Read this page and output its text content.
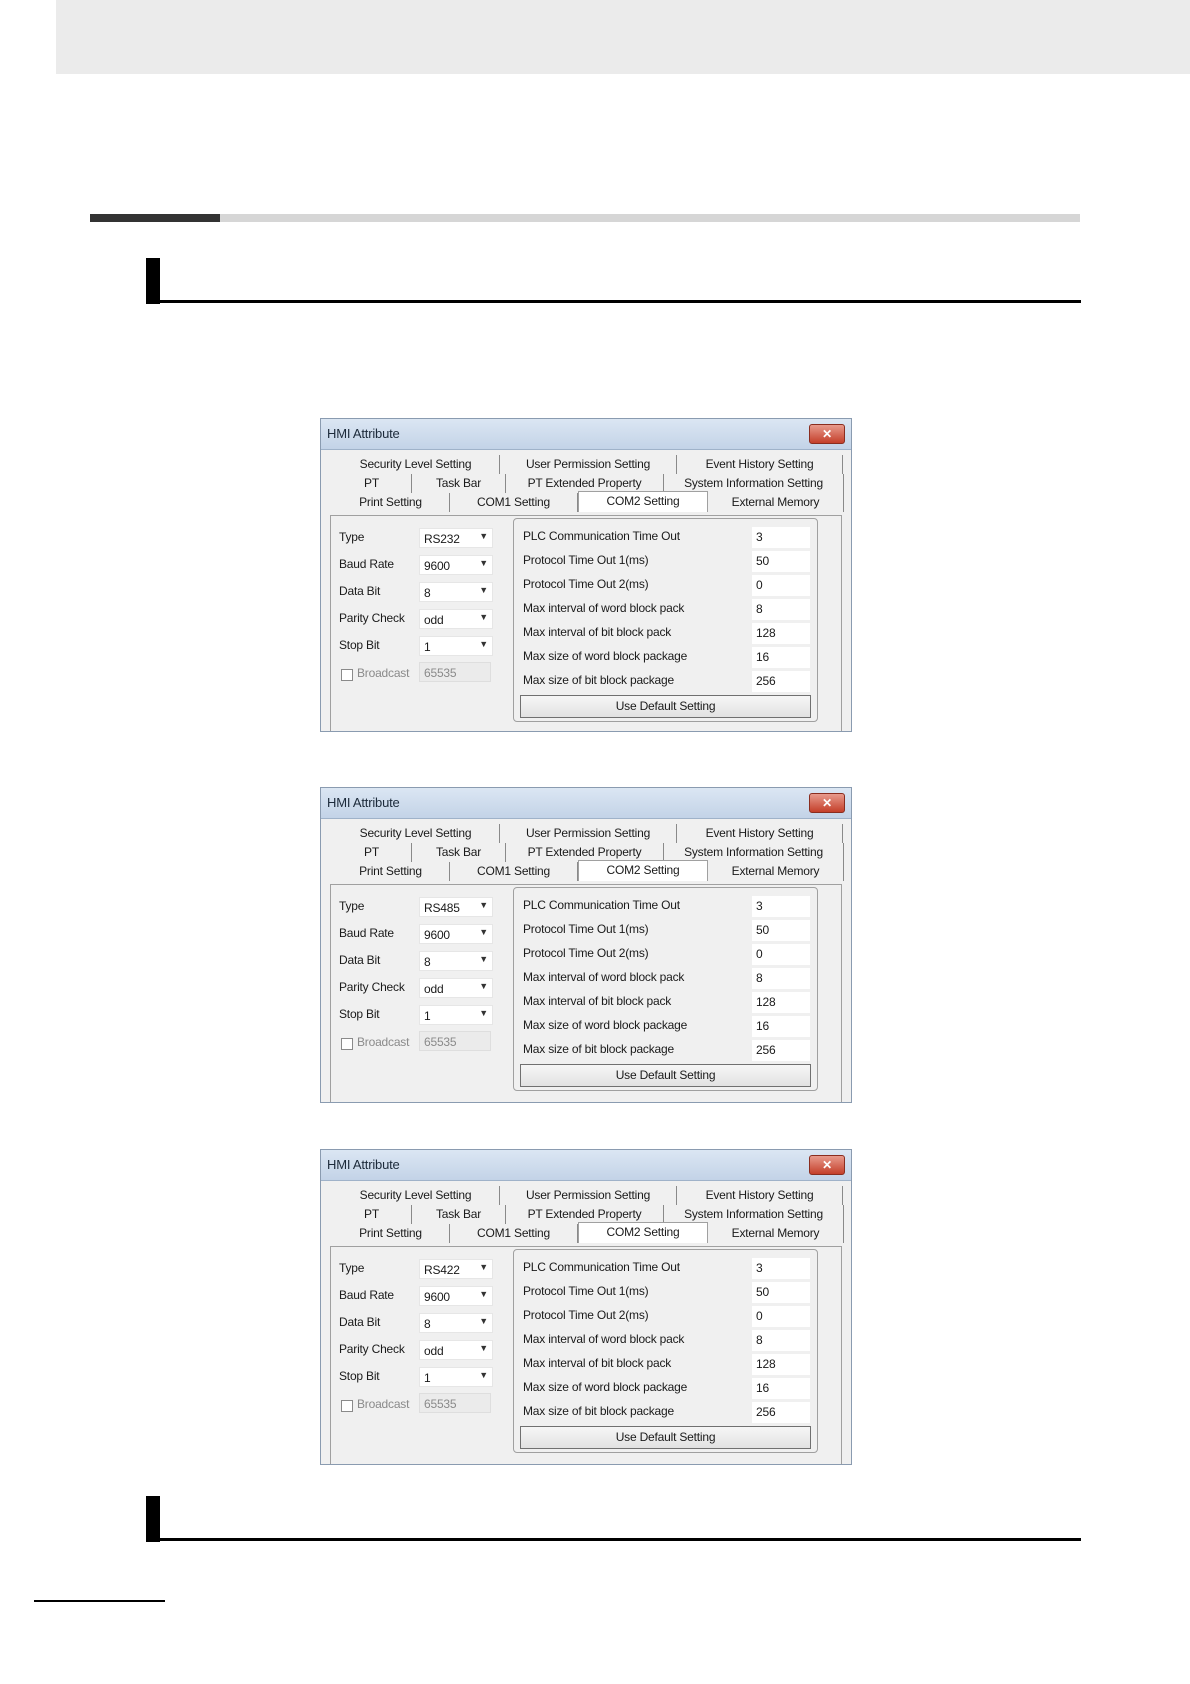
HMI Attribute	✕
Security Level Setting	User Permission Setting	Event History Setting
PT	Task Bar	PT Extended Property	System Information Setting
Print Setting	COM1 Setting	COM2 Setting	External Memory
Type	RS232 ▼
Baud Rate	9600	▼
Data Bit	8	▼
Parity Check odd	▼
Stop Bit	1	▼
Broadcast 65535
PLC Communication Time Out	3
Protocol Time Out 1(ms)	50
Protocol Time Out 2(ms)	0
Max interval of word block pack	8
Max interval of bit block pack	128
Max size of word block package	16
Max size of bit block package	256
Use Default Setting
HMI Attribute	✕
Security Level Setting	User Permission Setting	Event History Setting
PT	Task Bar	PT Extended Property	System Information Setting
Print Setting	COM1 Setting	COM2 Setting	External Memory
Type	RS485 ▼
Baud Rate	9600	▼
Data Bit	8	▼
Parity Check odd	▼
Stop Bit	1	▼
Broadcast 65535
PLC Communication Time Out	3
Protocol Time Out 1(ms)	50
Protocol Time Out 2(ms)	0
Max interval of word block pack	8
Max interval of bit block pack	128
Max size of word block package	16
Max size of bit block package	256
Use Default Setting
HMI Attribute	✕
Security Level Setting	User Permission Setting	Event History Setting
PT	Task Bar	PT Extended Property	System Information Setting
Print Setting	COM1 Setting	COM2 Setting	External Memory
Type	RS422 ▼
Baud Rate	9600	▼
Data Bit	8	▼
Parity Check odd	▼
Stop Bit	1	▼
Broadcast 65535
PLC Communication Time Out	3
Protocol Time Out 1(ms)	50
Protocol Time Out 2(ms)	0
Max interval of word block pack	8
Max interval of bit block pack	128
Max size of word block package	16
Max size of bit block package	256
Use Default Setting
